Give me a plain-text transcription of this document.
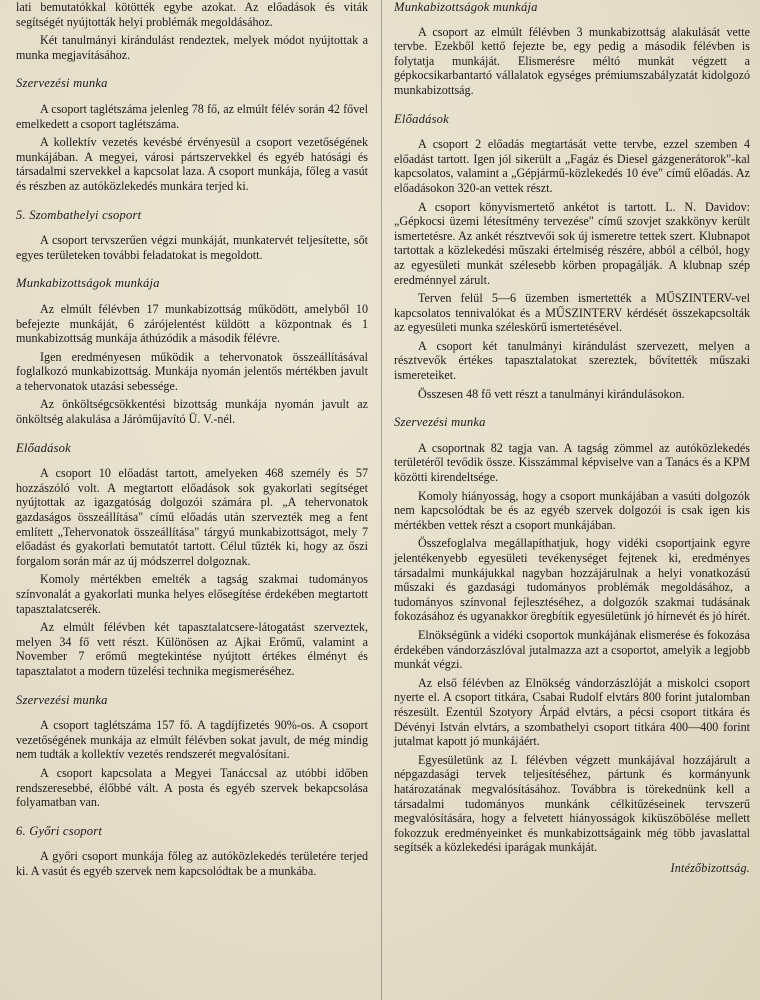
lati bemutatókkal kötötték egybe azokat. Az előadások és viták segítségét nyújtották helyi problémák megoldásához.

Két tanulmányi kirándulást rendeztek, melyek módot nyújtottak a munka megjavításához.

Szervezési munka

A csoport taglétszáma jelenleg 78 fő, az elmúlt félév során 42 fővel emelkedett a csoport taglétszáma.

A kollektív vezetés kevésbé érvényesül a csoport vezetőségének munkájában. A megyei, városi pártszervekkel és egyéb hatósági és társadalmi szervekkel a kapcsolat laza. A csoport munkája, főleg a vasút és részben az autóközlekedés munkára terjed ki.

5. Szombathelyi csoport

A csoport tervszerűen végzi munkáját, munkatervét teljesítette, sőt egyes területeken további feladatokat is megoldott.

Munkabizottságok munkája

Az elmúlt félévben 17 munkabizottság működött, amelyből 10 befejezte munkáját, 6 zárójelentést küldött a központnak és 1 munkabizottság munkája áthúzódik a második félévre.

Igen eredményesen működik a tehervonatok összeállításával foglalkozó munkabizottság. Munkája nyomán jelentős mértékben javult a tehervonatok utazási sebessége.

Az önköltségcsökkentési bizottság munkája nyomán javult az önköltség alakulása a Járóműjavító Ü. V.-nél.

Előadások

A csoport 10 előadást tartott, amelyeken 468 személy és 57 hozzászóló volt. A megtartott előadások sok gyakorlati segítséget nyújtottak az igazgatóság dolgozói számára pl. „A tehervonatok gazdaságos összeállítása" című előadás után szervezték meg a fent említett „Tehervonatok összeállítása" tárgyú munkabizottságot, mely 7 előadást és gyakorlati bemutatót tartott. Célul tűzték ki, hogy az őszi forgalom során már az új módszerrel dolgoznak.

Komoly mértékben emelték a tagság szakmai tudományos színvonalát a gyakorlati munka helyes elősegítése érdekében megtartott tapasztalatcserék.

Az elmúlt félévben két tapasztalatcsere-látogatást szerveztek, melyen 34 fő vett részt. Különösen az Ajkai Erőmű, valamint a November 7 erőmű megtekintése nyújtott értékes élményt és tapasztalatot a modern tüzelési technika megismeréséhez.

Szervezési munka

A csoport taglétszáma 157 fő. A tagdíjfizetés 90%-os. A csoport vezetőségének munkája az elmúlt félévben sokat javult, de még mindig nem tudták a kollektív vezetés rendszerét megvalósítani.

A csoport kapcsolata a Megyei Tanáccsal az utóbbi időben rendszeresebbé, élőbbé vált. A posta és egyéb szervek bekapcsolása folyamatban van.

6. Győri csoport

A győri csoport munkája főleg az autóközlekedés területére terjed ki. A vasút és egyéb szervek nem kapcsolódtak be a munkába.

Munkabizottságok munkája

A csoport az elmúlt félévben 3 munkabizottság alakulását vette tervbe. Ezekből kettő fejezte be, egy pedig a második félévben is folytatja munkáját. Elismerésre méltó munkát végzett a gépkocsikarbantartó vállalatok egységes prémiumszabályzatát kidolgozó munkabizottság.

Előadások

A csoport 2 előadás megtartását vette tervbe, ezzel szemben 4 előadást tartott. Igen jól sikerült a „Fagáz és Diesel gázgenerátorok"-kal kapcsolatos, valamint a „Gépjármű-közlekedés 10 éve" című előadás. Az előadásokon 320-an vettek részt.

A csoport könyvismertető ankétot is tartott. L. N. Davidov: „Gépkocsi üzemi létesítmény tervezése" című szovjet szakkönyv került ismertetésre. Az ankét résztvevői sok új ismeretre tettek szert. Klubnapot tartottak a közlekedési műszaki értelmiség részére, abból a célból, hogy az egyesületi munkát szélesebb körben propagálják. A klubnap szép eredménnyel zárult.

Terven felül 5—6 üzemben ismertették a MŰSZINTERV-vel kapcsolatos tennivalókat és a MŰSZINTERV kérdését összekapcsolták az egyesületi munka széleskörű ismertetésével.

A csoport két tanulmányi kirándulást szervezett, melyen a résztvevők értékes tapasztalatokat szereztek, bővítették műszaki ismereteiket.

Összesen 48 fő vett részt a tanulmányi kirándulásokon.

Szervezési munka

A csoportnak 82 tagja van. A tagság zömmel az autóközlekedés területéről tevődik össze. Kisszámmal képviselve van a Tanács és a KPM közötti kirendeltsége.

Komoly hiányosság, hogy a csoport munkájában a vasúti dolgozók nem kapcsolódtak be és az egyéb szervek dolgozói is csak igen kis mértékben vettek részt a csoport munkájában.

Összefoglalva megállapíthatjuk, hogy vidéki csoportjaink egyre jelentékenyebb egyesületi tevékenységet fejtenek ki, eredményes társadalmi munkájukkal nagyban hozzájárulnak a helyi vonatkozású műszaki és gazdasági tudományos problémák megoldásához, a tudományos színvonal fejlesztéséhez, a dolgozók szakmai tudásának fokozásához és ugyanakkor öregbítik egyesületünk jó hírnevét és jó hírét.

Elnökségünk a vidéki csoportok munkájának elismerése és fokozása érdekében vándorzászlóval jutalmazza azt a csoportot, amelyik a legjobb munkát végzi.

Az első félévben az Elnökség vándorzászlóját a miskolci csoport nyerte el. A csoport titkára, Csabai Rudolf elvtárs 800 forint jutalomban részesült. Ezentúl Szotyory Árpád elvtárs, a pécsi csoport titkára és Dévényi István elvtárs, a szombathelyi csoport titkára 400—400 forint jutalmat kapott jó munkájáért.

Egyesületünk az I. félévben végzett munkájával hozzájárult a népgazdasági tervek teljesítéséhez, pártunk és kormányunk határozatának megvalósításához. Továbbra is törekednünk kell a társadalmi tudományos munkánk célkitűzéseinek tervszerű megvalósítására, hogy a felvetett hiányosságok kiküszöbölése mellett fokozzuk eredményeinket és munkabizottságaink még több javaslattal segítsék a közlekedési iparágak munkáját.

Intézőbizottság.
